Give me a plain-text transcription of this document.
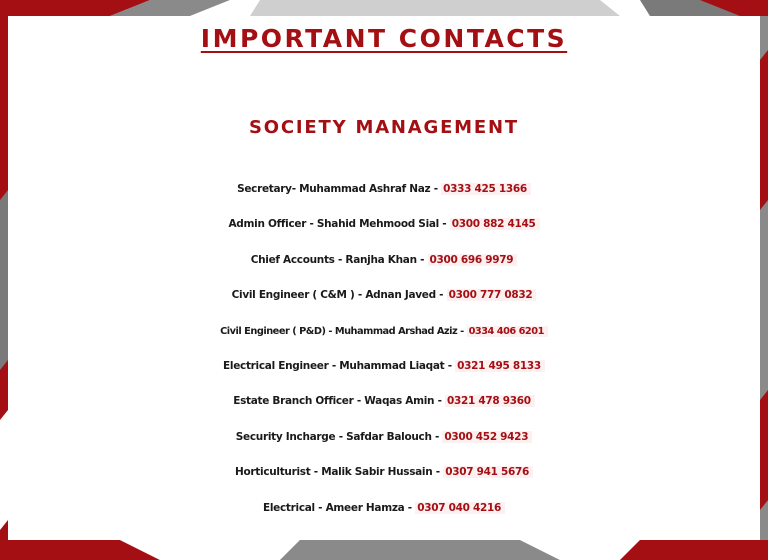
IMPORTANT CONTACTS
SOCIETY MANAGEMENT
Secretary- Muhammad Ashraf Naz - 0333 425 1366
Admin Officer - Shahid Mehmood Sial - 0300 882 4145
Chief Accounts - Ranjha Khan - 0300 696 9979
Civil Engineer ( C&M ) - Adnan Javed - 0300 777 0832
Civil Engineer ( P&D) - Muhammad Arshad Aziz - 0334 406 6201
Electrical Engineer - Muhammad Liaqat - 0321 495 8133
Estate Branch Officer - Waqas Amin - 0321 478 9360
Security Incharge - Safdar Balouch - 0300 452 9423
Horticulturist - Malik Sabir Hussain - 0307 941 5676
Electrical - Ameer Hamza - 0307 040 4216
